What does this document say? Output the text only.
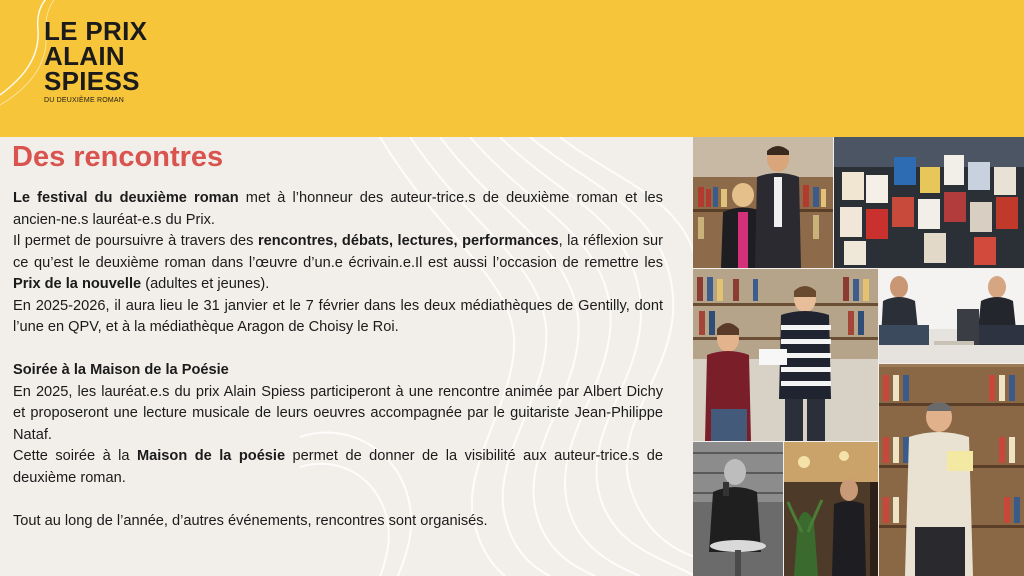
LE PRIX
ALAIN
SPIESS
DU DEUXIÈME ROMAN
Des rencontres

Le festival du deuxième roman met à l’honneur des auteur-trice.s de deuxième roman et les ancien-ne.s lauréat-e.s du Prix.

Il permet de poursuivre à travers des rencontres, débats, lectures, performances, la réflexion sur ce qu’est le deuxième roman dans l’œuvre d’un.e écrivain.e.Il est aussi l’occasion de remettre les Prix de la nouvelle (adultes et jeunes).

En 2025-2026, il aura lieu le 31 janvier et le 7 février dans les deux médiathèques de Gentilly, dont l’une en QPV, et à la médiathèque Aragon de Choisy le Roi.

Soirée à la Maison de la Poésie

En 2025, les lauréat.e.s du prix Alain Spiess participeront à une rencontre animée par Albert Dichy et proposeront une lecture musicale de leurs oeuvres accompagnée par le guitariste Jean-Philippe Nataf.

Cette soirée à la Maison de la poésie permet de donner de la visibilité aux auteur-trice.s de deuxième roman.

Tout au long de l’année, d’autres événements, rencontres sont organisés.
